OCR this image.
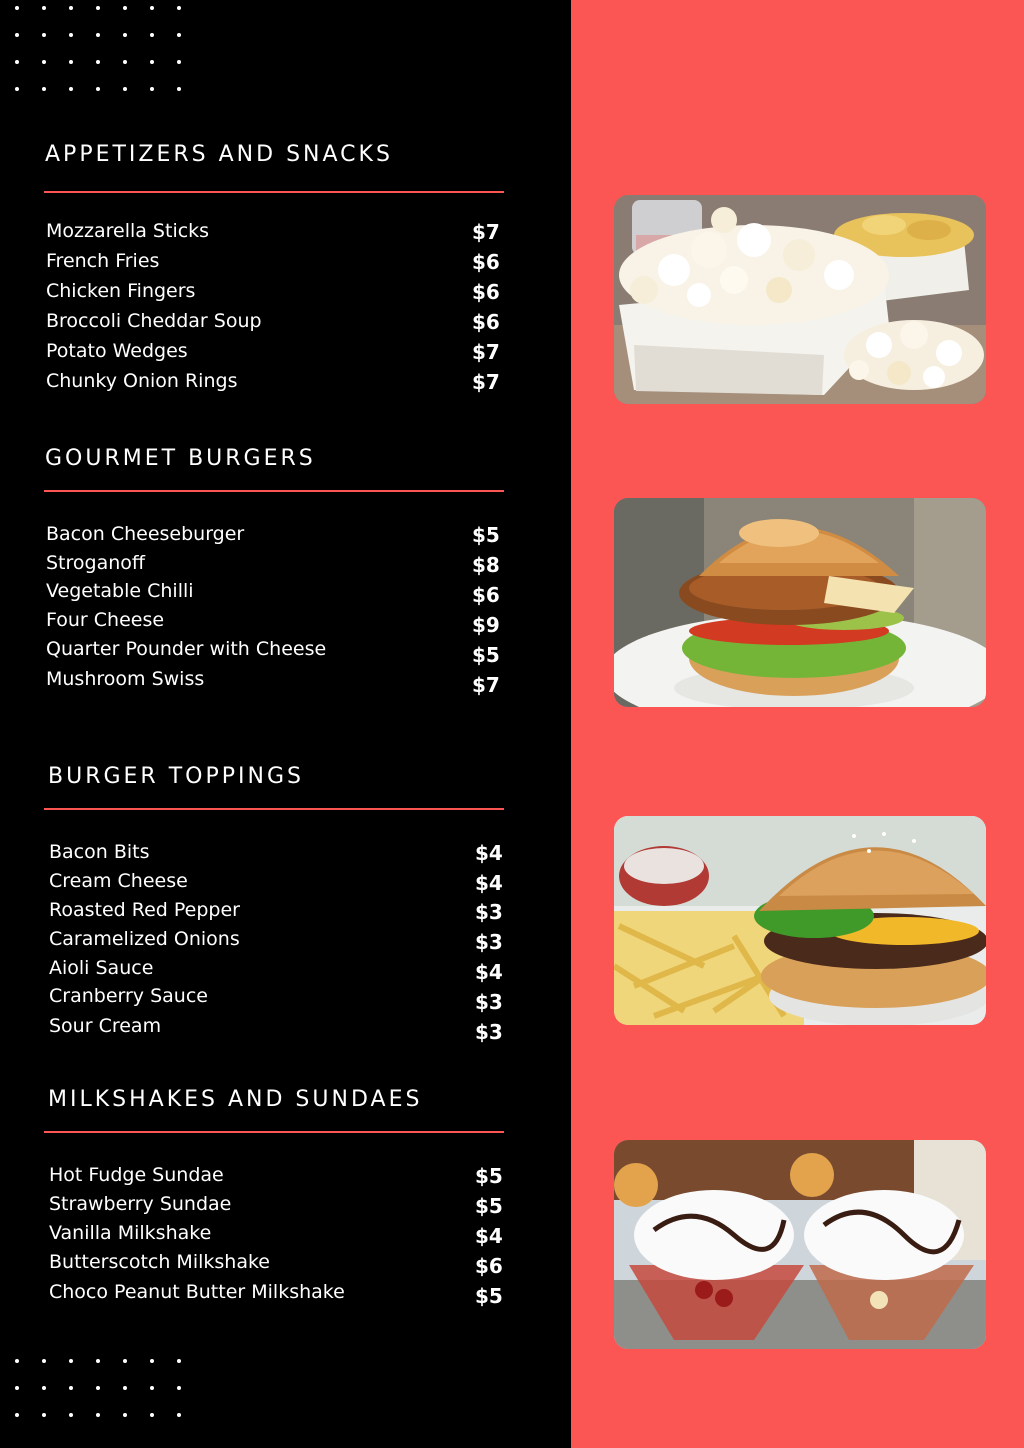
APPETIZERS AND SNACKS
Mozzarella Sticks	$7
French Fries	$6
Chicken Fingers	$6
Broccoli Cheddar Soup	$6
Potato Wedges	$7
Chunky Onion Rings	$7
GOURMET BURGERS
Bacon Cheeseburger	$5
Stroganoff	$8
Vegetable Chilli	$6
Four Cheese	$9
Quarter Pounder with Cheese	$5
Mushroom Swiss	$7
BURGER TOPPINGS
Bacon Bits	$4
Cream Cheese	$4
Roasted Red Pepper	$3
Caramelized Onions	$3
Aioli Sauce	$4
Cranberry Sauce	$3
Sour Cream	$3
MILKSHAKES AND SUNDAES
Hot Fudge Sundae	$5
Strawberry Sundae	$5
Vanilla Milkshake	$4
Butterscotch Milkshake	$6
Choco Peanut Butter Milkshake	$5
